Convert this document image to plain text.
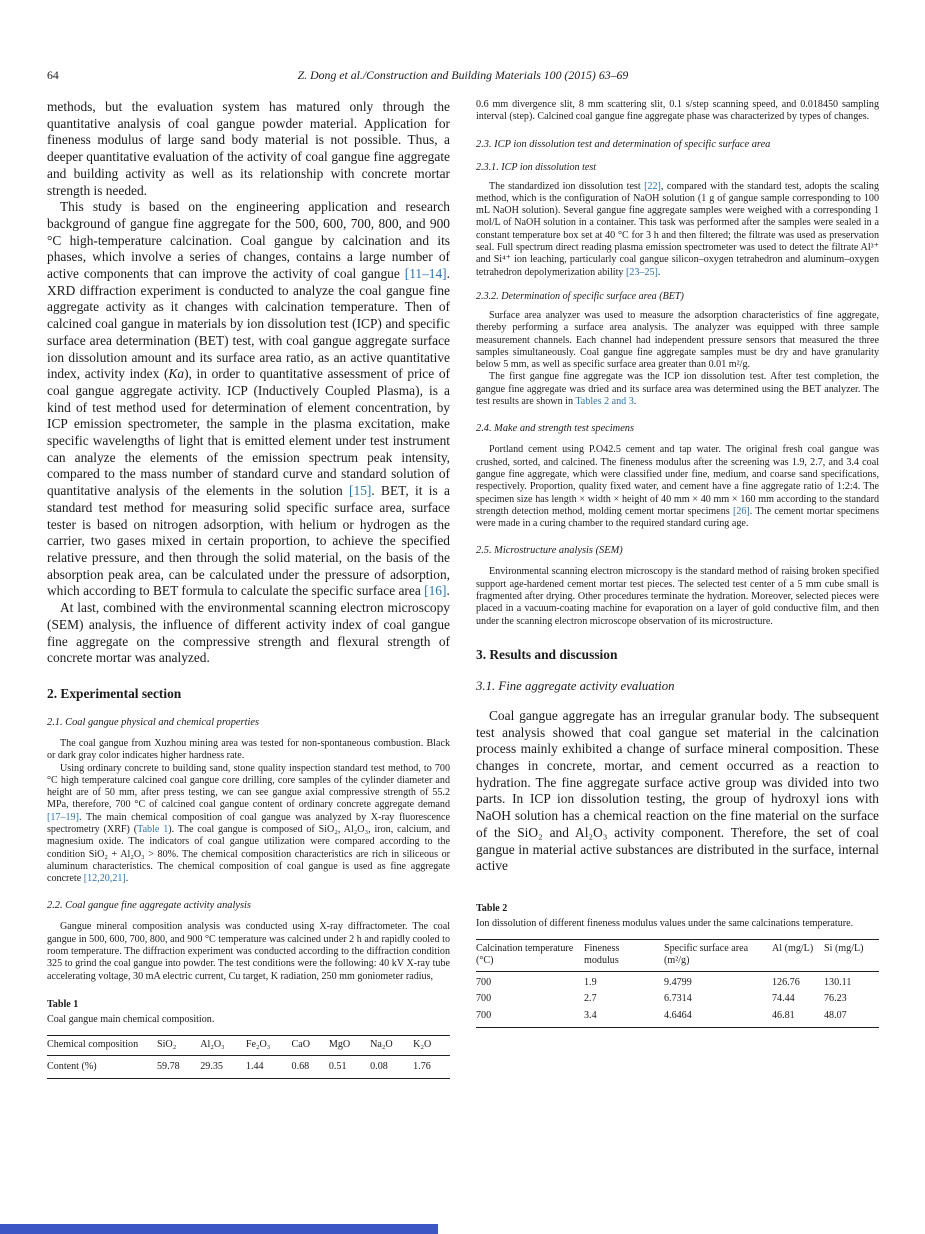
64	Z. Dong et al./Construction and Building Materials 100 (2015) 63–69

methods, but the evaluation system has matured only through the quantitative analysis of coal gangue powder material. Application for fineness modulus of large sand body material is not possible. Thus, a deeper quantitative evaluation of the activity of coal gangue fine aggregate and building activity as well as its relationship with concrete mortar strength is needed.

This study is based on the engineering application and research background of gangue fine aggregate for the 500, 600, 700, 800, and 900 °C high-temperature calcination. Coal gangue by calcination and its phases, which involve a series of changes, contains a large number of active components that can improve the activity of coal gangue [11–14]. XRD diffraction experiment is conducted to analyze the coal gangue fine aggregate activity as it changes with calcination temperature. Then of calcined coal gangue in materials by ion dissolution test (ICP) and specific surface area determination (BET) test, with coal gangue aggregate surface ion dissolution amount and its surface area ratio, as an active quantitative index, activity index (Ka), in order to quantitative assessment of price of coal gangue aggregate activity. ICP (Inductively Coupled Plasma), is a kind of test method used for determination of element concentration, by ICP emission spectrometer, the sample in the plasma excitation, make specific wavelengths of light that is emitted element under test instrument can analyze the elements of the emission spectrum peak intensity, compared to the mass number of standard curve and standard solution of quantitative analysis of the elements in the solution [15]. BET, it is a standard test method for measuring solid specific surface area, surface tester is based on nitrogen adsorption, with helium or hydrogen as the carrier, two gases mixed in certain proportion, to achieve the specified relative pressure, and then through the solid material, on the basis of the absorption peak area, can be calculated under the pressure of adsorption, which according to BET formula to calculate the specific surface area [16].

At last, combined with the environmental scanning electron microscopy (SEM) analysis, the influence of different activity index of coal gangue fine aggregate on the compressive strength and flexural strength of concrete mortar was analyzed.

2. Experimental section
2.1. Coal gangue physical and chemical properties

The coal gangue from Xuzhou mining area was tested for non-spontaneous combustion. Black or dark gray color indicates higher hardness rate.

Using ordinary concrete to building sand, stone quality inspection standard test method, to 700 °C high temperature calcined coal gangue core drilling, core samples of the cylinder diameter and height are of 50 mm, after press testing, we can see gangue axial compressive strength of 55.2 MPa, therefore, 700 °C of calcined coal gangue content of ordinary concrete aggregate demand [17–19]. The main chemical composition of coal gangue was analyzed by X-ray fluorescence spectrometry (XRF) (Table 1). The coal gangue is composed of SiO₂, Al₂O₃, iron, calcium, and magnesium oxide. The indicators of coal gangue utilization were compared according to the condition SiO₂ + Al₂O₃ > 80%. The chemical composition characteristics are rich in siliceous or aluminum characteristics. The chemical composition of coal gangue is used as fine aggregate concrete [12,20,21].

2.2. Coal gangue fine aggregate activity analysis

Gangue mineral composition analysis was conducted using X-ray diffractometer. The coal gangue in 500, 600, 700, 800, and 900 °C temperature was calcined under 2 h and rapidly cooled to room temperature. The diffraction experiment was conducted according to the diffraction condition 325 to grind the coal gangue into powder. The test conditions were the following: 40 kV X-ray tube accelerating voltage, 30 mA electric current, Cu target, K radiation, 250 mm goniometer radius,

Table 1
Coal gangue main chemical composition.
Chemical composition	SiO₂	Al₂O₃	Fe₂O₃	CaO	MgO	Na₂O	K₂O
Content (%)	59.78	29.35	1.44	0.68	0.51	0.08	1.76

0.6 mm divergence slit, 8 mm scattering slit, 0.1 s/step scanning speed, and 0.018450 sampling interval (step). Calcined coal gangue fine aggregate phase was characterized by types of changes.

2.3. ICP ion dissolution test and determination of specific surface area
2.3.1. ICP ion dissolution test

The standardized ion dissolution test [22], compared with the standard test, adopts the scaling method, which is the configuration of NaOH solution (1 g of gangue sample corresponding to 100 mL NaOH solution). Several gangue fine aggregate samples were weighed with a corresponding 1 mol/L of NaOH solution in a container. This task was performed after the samples were sealed in a constant temperature box set at 40 °C for 3 h and then filtered; the filtrate was used as preservation seal. Full spectrum direct reading plasma emission spectrometer was used to detect the filtrate Al³⁺ and Si⁴⁺ ion leaching, particularly coal gangue silicon–oxygen tetrahedron and aluminum–oxygen tetrahedron depolymerization ability [23–25].

2.3.2. Determination of specific surface area (BET)

Surface area analyzer was used to measure the adsorption characteristics of fine aggregate, thereby performing a surface area analysis. The analyzer was equipped with three sample measurement channels. Each channel had independent pressure sensors that measured the three samples simultaneously. Coal gangue fine aggregate samples must be dry and have granularity below 5 mm, as well as specific surface area greater than 0.01 m²/g.

The first gangue fine aggregate was the ICP ion dissolution test. After test completion, the gangue fine aggregate was dried and its surface area was determined using the BET analyzer. The test results are shown in Tables 2 and 3.

2.4. Make and strength test specimens

Portland cement using P.O42.5 cement and tap water. The original fresh coal gangue was crushed, sorted, and calcined. The fineness modulus after the screening was 1.9, 2.7, and 3.4 coal gangue fine aggregate, which were classified under fine, medium, and coarse sand specifications, respectively. Proportion, quality fixed water, and cement have a fine aggregate ratio of 1:2:4. The specimen size has length × width × height of 40 mm × 40 mm × 160 mm according to the standard strength detection method, molding cement mortar specimens [26]. The cement mortar specimens were made in a curing chamber to the required standard curing age.

2.5. Microstructure analysis (SEM)

Environmental scanning electron microscopy is the standard method of raising broken specified support age-hardened cement mortar test pieces. The selected test center of a 5 mm cube small is fragmented after drying. Other procedures terminate the hydration. Moreover, selected pieces were placed in a vacuum-coating machine for evaporation on a layer of gold conductive film, and then under the scanning electron microscope observation of its microstructure.

3. Results and discussion
3.1. Fine aggregate activity evaluation

Coal gangue aggregate has an irregular granular body. The subsequent test analysis showed that coal gangue set material in the calcination process mainly exhibited a change of surface mineral composition. These changes in concrete, mortar, and cement occurred as a reaction to hydration. The fine aggregate surface active group was divided into two parts. In ICP ion dissolution testing, the group of hydroxyl ions with NaOH solution has a chemical reaction on the fine material on the surface of the SiO₂ and Al₂O₃ activity component. Therefore, the set of coal gangue in material active substances are distributed in the surface, internal active

Table 2
Ion dissolution of different fineness modulus values under the same calcinations temperature.
Calcination temperature (°C)	Fineness modulus	Specific surface area (m²/g)	Al (mg/L)	Si (mg/L)
700	1.9	9.4799	126.76	130.11
700	2.7	6.7314	74.44	76.23
700	3.4	4.6464	46.81	48.07
